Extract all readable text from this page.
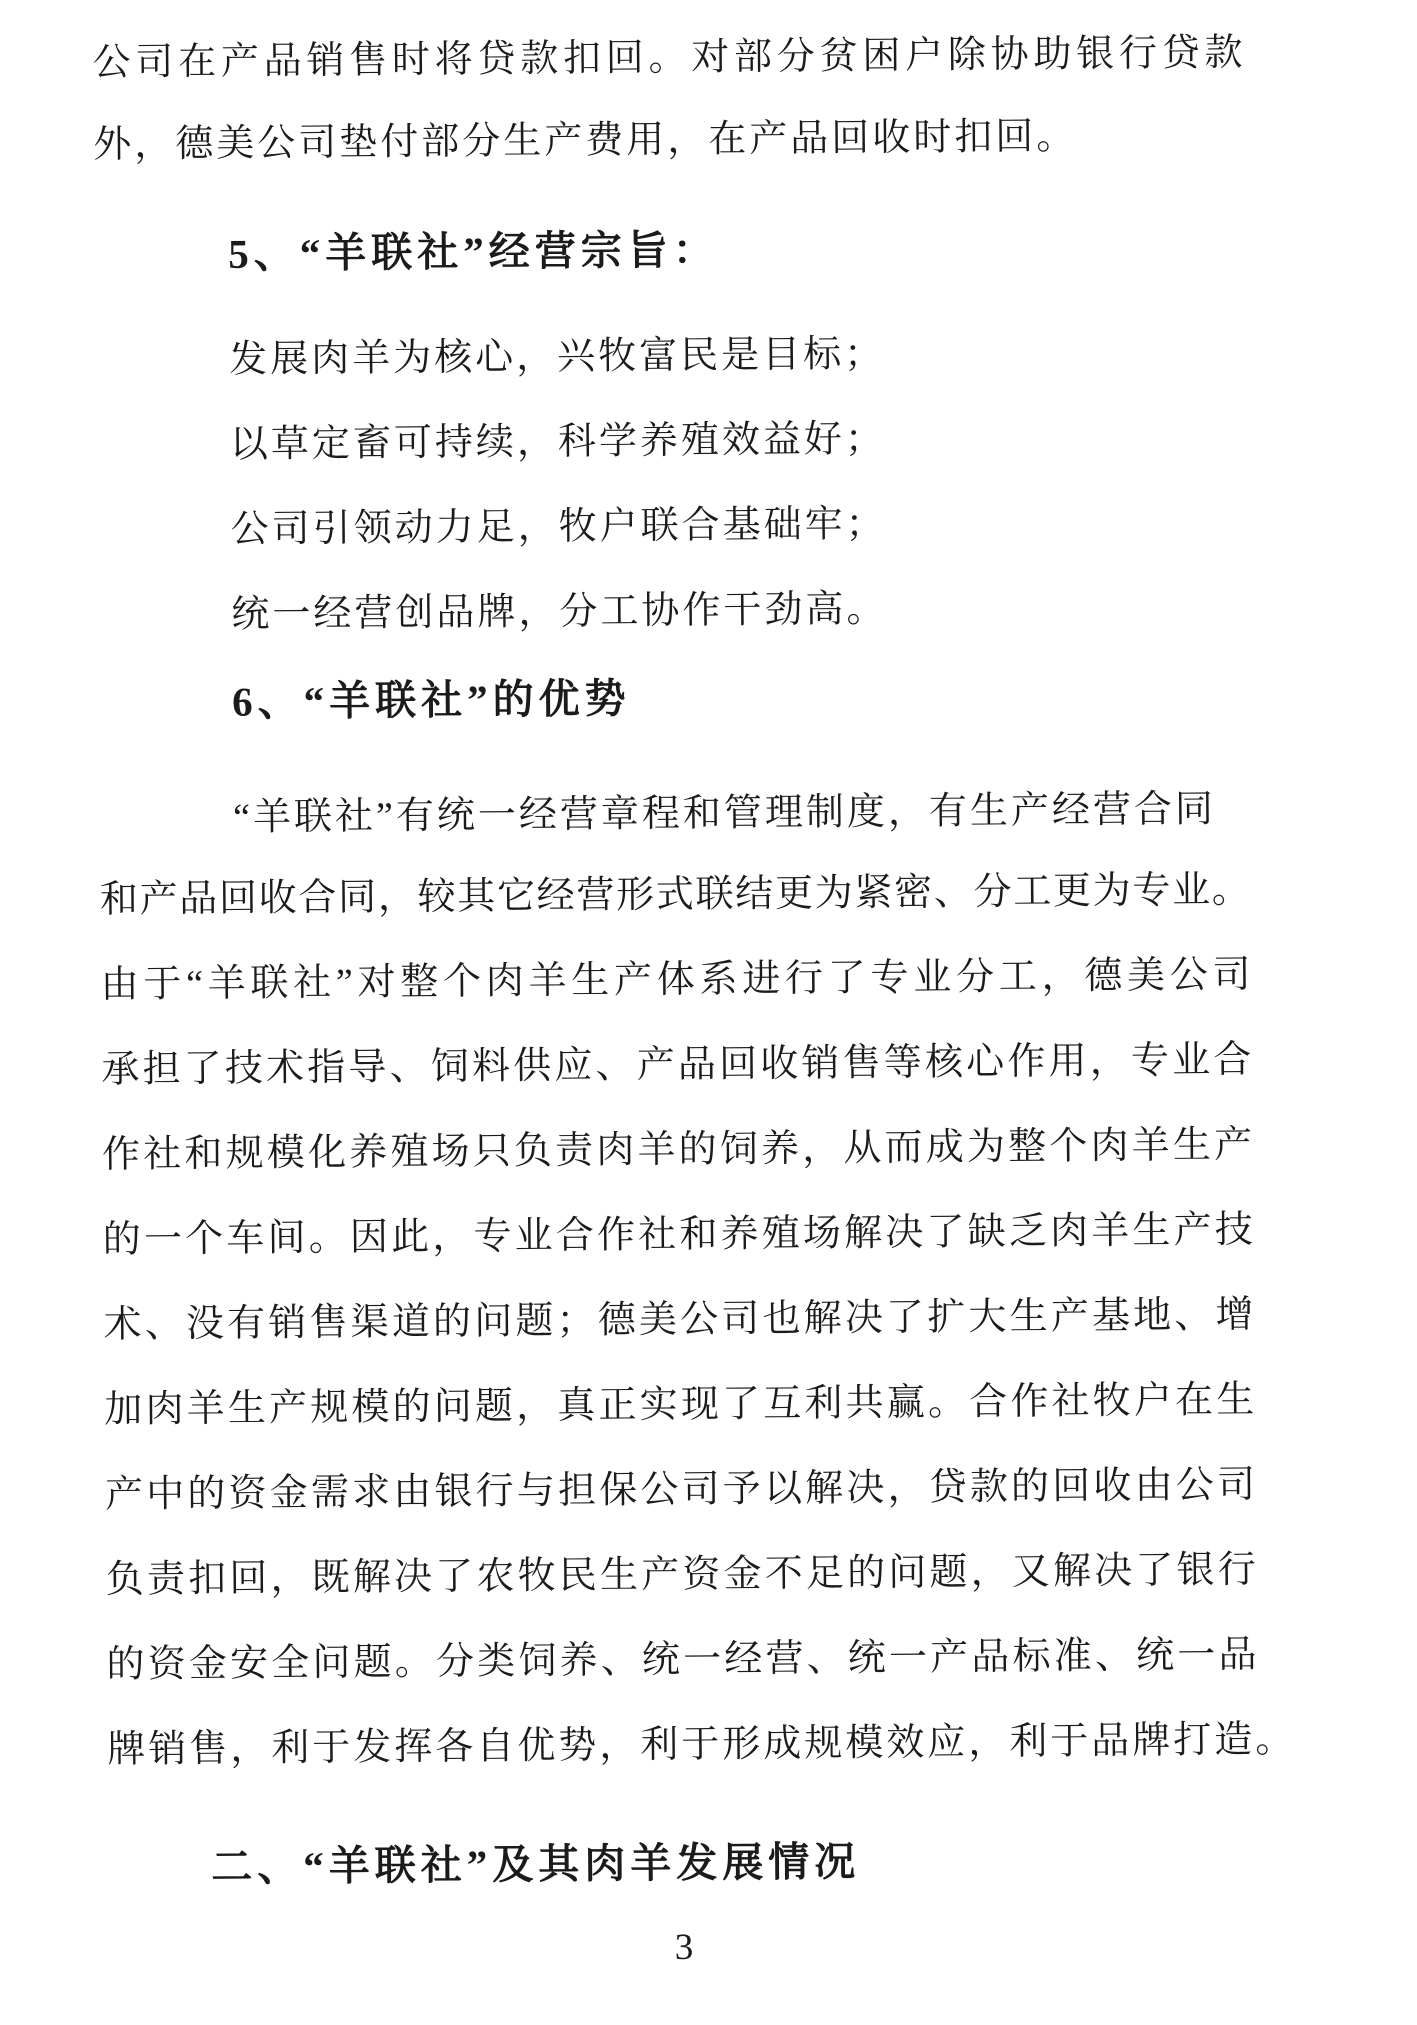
公司在产品销售时将贷款扣回。对部分贫困户除协助银行贷款
外，德美公司垫付部分生产费用，在产品回收时扣回。
5、“羊联社”经营宗旨：
发展肉羊为核心，兴牧富民是目标；
以草定畜可持续，科学养殖效益好；
公司引领动力足，牧户联合基础牢；
统一经营创品牌，分工协作干劲高。
6、“羊联社”的优势
“羊联社”有统一经营章程和管理制度，有生产经营合同
和产品回收合同，较其它经营形式联结更为紧密、分工更为专业。
由于“羊联社”对整个肉羊生产体系进行了专业分工，德美公司
承担了技术指导、饲料供应、产品回收销售等核心作用，专业合
作社和规模化养殖场只负责肉羊的饲养，从而成为整个肉羊生产
的一个车间。因此，专业合作社和养殖场解决了缺乏肉羊生产技
术、没有销售渠道的问题；德美公司也解决了扩大生产基地、增
加肉羊生产规模的问题，真正实现了互利共赢。合作社牧户在生
产中的资金需求由银行与担保公司予以解决，贷款的回收由公司
负责扣回，既解决了农牧民生产资金不足的问题，又解决了银行
的资金安全问题。分类饲养、统一经营、统一产品标准、统一品
牌销售，利于发挥各自优势，利于形成规模效应，利于品牌打造。
二、“羊联社”及其肉羊发展情况
3
